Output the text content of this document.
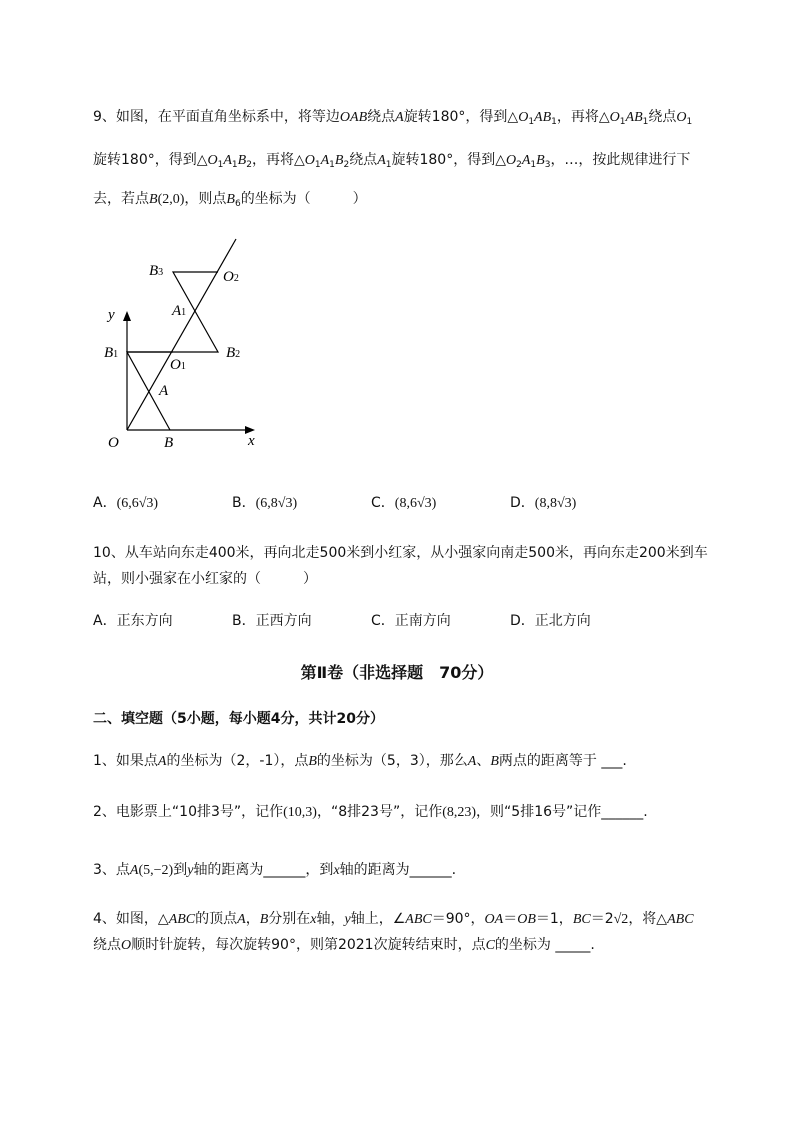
9、如图，在平面直角坐标系中，将等边OAB绕点A旋转180°，得到$\triangle O_1AB_1$，再将$\triangle O_1AB_1$绕点$O_1$
旋转180°，得到$\triangle O_1A_1B_2$，再将$\triangle O_1A_1B_2$绕点$A_1$旋转180°，得到$\triangle O_2A_1B_3$，…，按此规律进行下
去，若点B(2,0)，则点$B_6$的坐标为（　　　）
B3	O2
y	A1
B1
O1
B2
A
O	B	x
A．(6,6√3)	B．(6,8√3)	C．(8,6√3)	D．(8,8√3)
10、从车站向东走400米，再向北走500米到小红家，从小强家向南走500米，再向东走200米到车
站，则小强家在小红家的（　　　）
A．正东方向	B．正西方向	C．正南方向	D．正北方向
第Ⅱ卷（非选择题　70分）
二、填空题（5小题，每小题4分，共计20分）
1、如果点A的坐标为（2，-1），点B的坐标为（5，3），那么A、B两点的距离等于 ___.
2、电影票上“10排3号”，记作(10,3)，“8排23号”，记作(8,23)，则“5排16号”记作______.
3、点A(5,−2)到y轴的距离为______，到x轴的距离为______.
4、如图，△ABC的顶点A，B分别在x轴，y轴上，∠ABC＝90°，OA＝OB＝1，BC＝2√2，将△ABC
绕点O顺时针旋转，每次旋转90°，则第2021次旋转结束时，点C的坐标为 _____.
